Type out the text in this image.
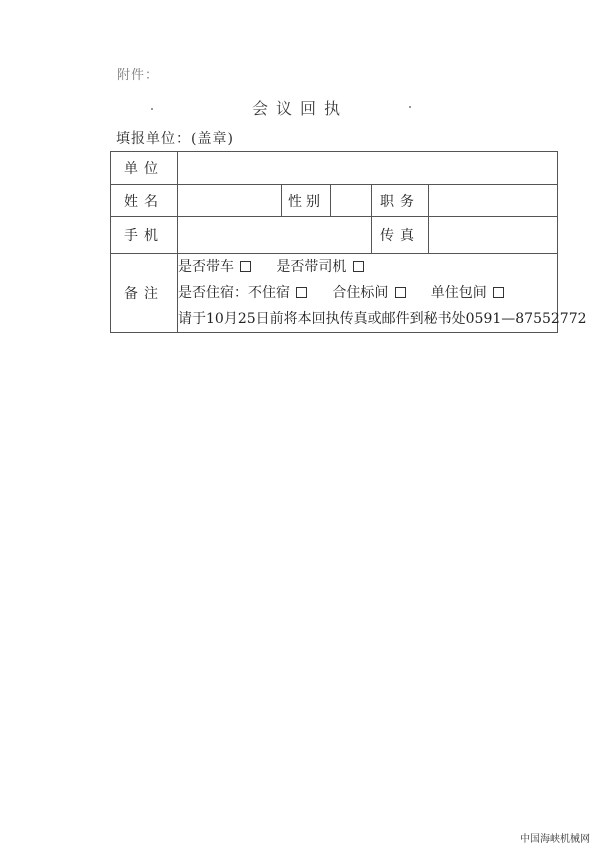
附件：
会议回执
填报单位：(盖章)
单位					
姓名		性别		职务	
手机				传真	
备注	是否带车 是否带司机
是否住宿：不住宿 合住标间 单住包间
请于10月25日前将本回执传真或邮件到秘书处0591—87552772				
中国海峡机械网
